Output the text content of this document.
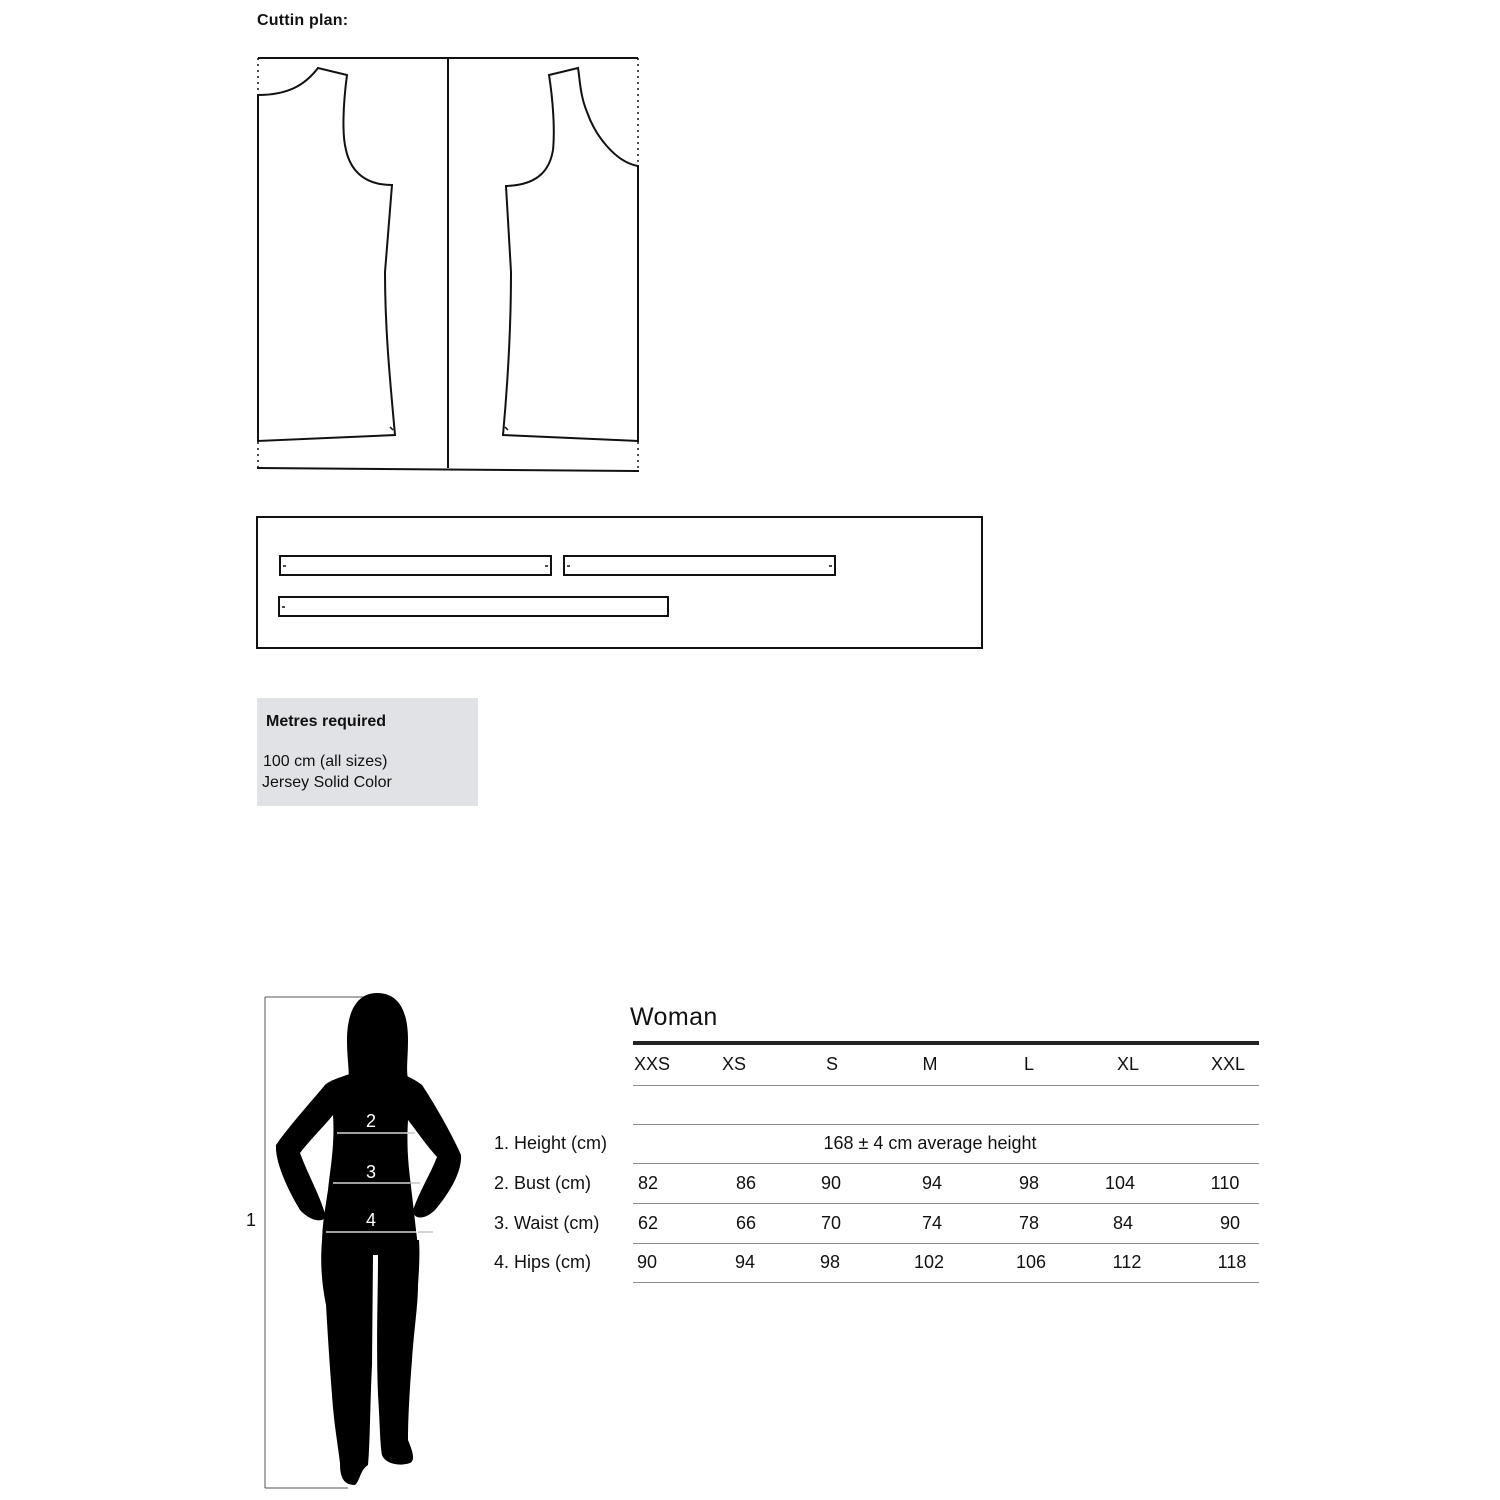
Cuttin plan:
Metres required
100 cm (all sizes)
Jersey Solid Color
1
2
3
4
Woman
XXS	XS	S	M	L	XL	XXL
1. Height (cm)	168 ± 4 cm average height
2. Bust (cm)	82	86	90	94	98	104	110
3. Waist (cm)	62	66	70	74	78	84	90
4. Hips (cm)	90	94	98	102	106	112	118
